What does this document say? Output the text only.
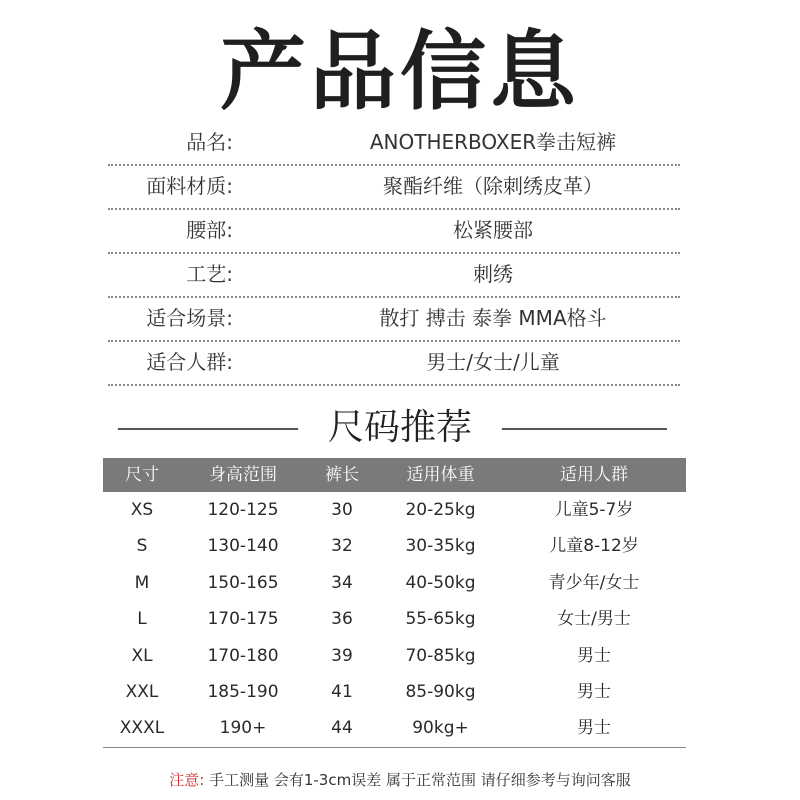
产品信息
品名:	ANOTHERBOXER拳击短裤
面料材质:	聚酯纤维（除刺绣皮革）
腰部:	松紧腰部
工艺:	刺绣
适合场景:	散打 搏击 泰拳 MMA格斗
适合人群:	男士/女士/儿童
尺码推荐
尺寸	身高范围	裤长	适用体重	适用人群
XS	120-125	30	20-25kg	儿童5-7岁
S	130-140	32	30-35kg	儿童8-12岁
M	150-165	34	40-50kg	青少年/女士
L	170-175	36	55-65kg	女士/男士
XL	170-180	39	70-85kg	男士
XXL	185-190	41	85-90kg	男士
XXXL	190+	44	90kg+	男士
注意: 手工测量 会有1-3cm误差 属于正常范围 请仔细参考与询问客服
